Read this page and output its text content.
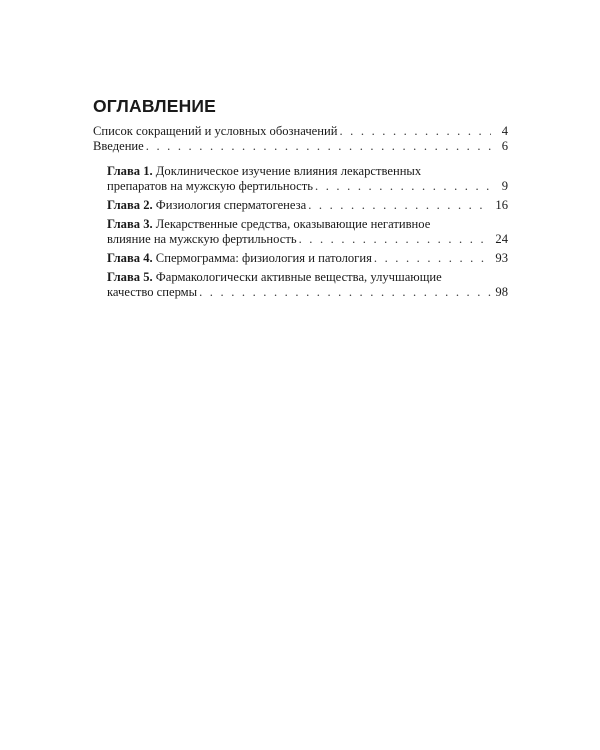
ОГЛАВЛЕНИЕ
Список сокращений и условных обозначений . . .	4
Введение . . .	6
Глава 1. Доклиническое изучение влияния лекарственных
препаратов на мужскую фертильность . . .	9
Глава 2. Физиология сперматогенеза . . .	16
Глава 3. Лекарственные средства, оказывающие негативное
влияние на мужскую фертильность . . .	24
Глава 4. Спермограмма: физиология и патология . . .	93
Глава 5. Фармакологически активные вещества, улучшающие
качество спермы . . .	98
